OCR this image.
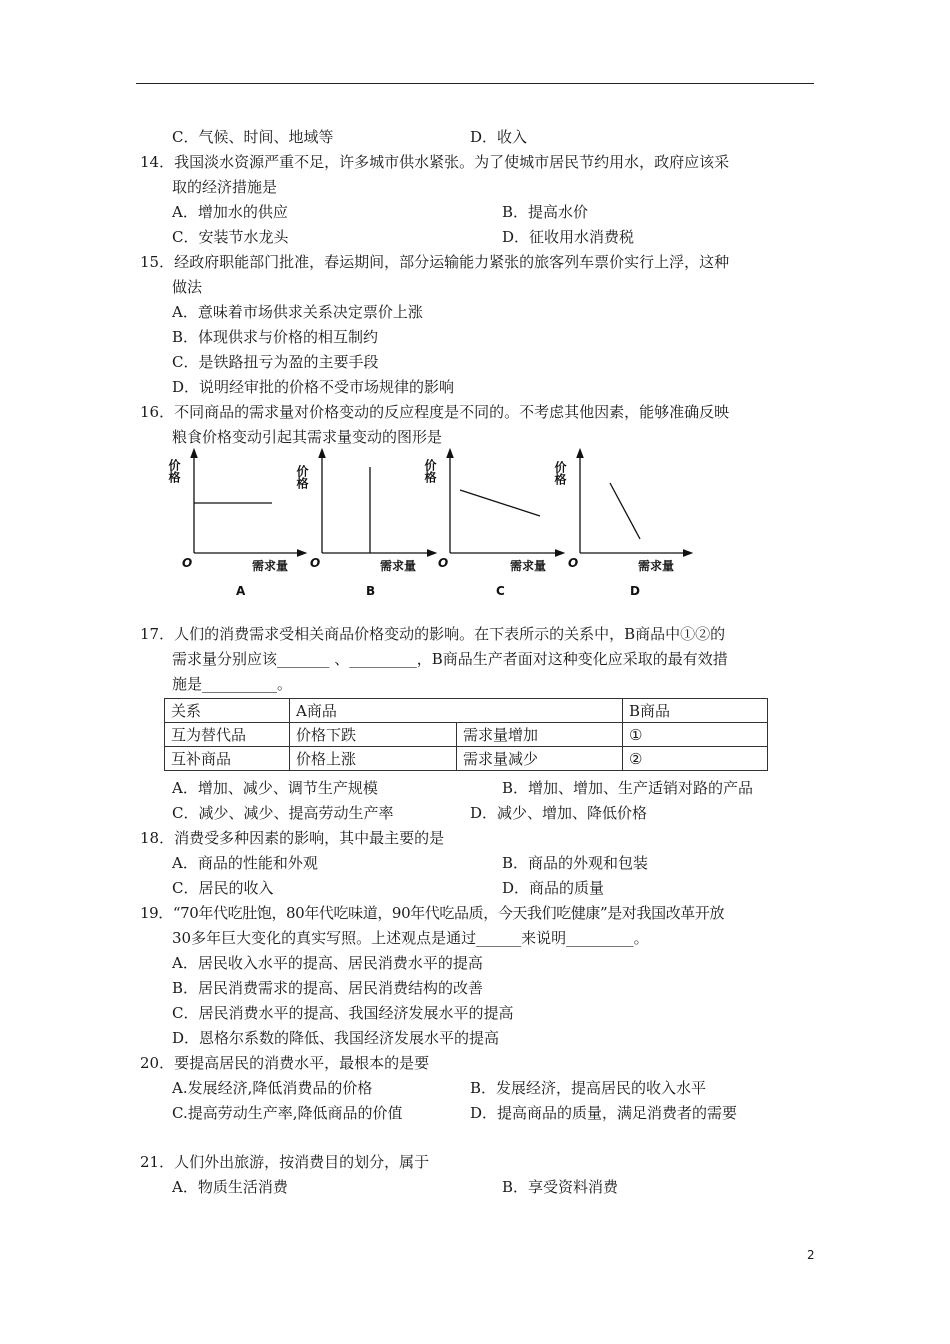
C．气候、时间、地域等	D．收入
14．我国淡水资源严重不足，许多城市供水紧张。为了使城市居民节约用水，政府应该采
取的经济措施是
A．增加水的供应	B．提高水价
C．安装节水龙头	D．征收用水消费税
15．经政府职能部门批准，春运期间，部分运输能力紧张的旅客列车票价实行上浮，这种
做法
A．意味着市场供求关系决定票价上涨
B．体现供求与价格的相互制约
C．是铁路扭亏为盈的主要手段
D．说明经审批的价格不受市场规律的影响
16．不同商品的需求量对价格变动的反应程度是不同的。不考虑其他因素，能够准确反映
粮食价格变动引起其需求量变动的图形是
价格
O	需求量
A
价格
O	需求量
B
价格
O	需求量
C
价格
O	需求量
D
17．人们的消费需求受相关商品价格变动的影响。在下表所示的关系中，B商品中①②的
需求量分别应该_______ 、_________，B商品生产者面对这种变化应采取的最有效措
施是__________。
关系	A商品		B商品
互为替代品	价格下跌	需求量增加	①
互补商品	价格上涨	需求量减少	②
A．增加、减少、调节生产规模	B．增加、增加、生产适销对路的产品
C．减少、减少、提高劳动生产率	D．减少、增加、降低价格
18．消费受多种因素的影响，其中最主要的是
A．商品的性能和外观	B．商品的外观和包装
C．居民的收入	D．商品的质量
19．“70年代吃肚饱，80年代吃味道，90年代吃品质，今天我们吃健康”是对我国改革开放
30多年巨大变化的真实写照。上述观点是通过______来说明_________。
A．居民收入水平的提高、居民消费水平的提高
B．居民消费需求的提高、居民消费结构的改善
C．居民消费水平的提高、我国经济发展水平的提高
D．恩格尔系数的降低、我国经济发展水平的提高
20．要提高居民的消费水平，最根本的是要
A.发展经济,降低消费品的价格	B．发展经济，提高居民的收入水平
C.提高劳动生产率,降低商品的价值	D．提高商品的质量，满足消费者的需要
21．人们外出旅游，按消费目的划分，属于
A．物质生活消费	B．享受资料消费
2
